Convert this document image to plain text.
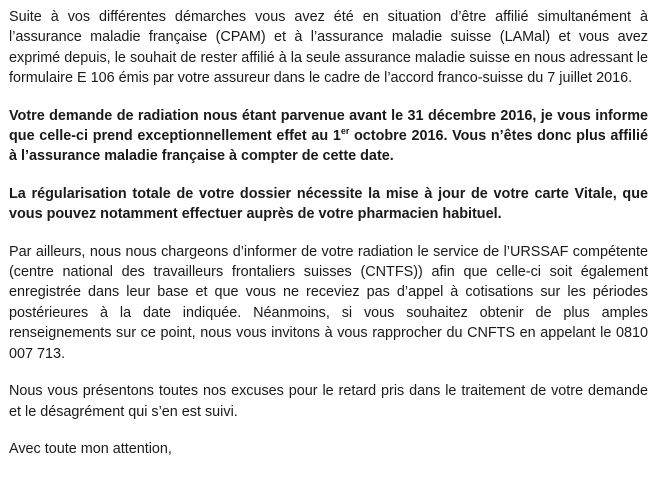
Suite à vos différentes démarches vous avez été en situation d’être affilié simultanément à l’assurance maladie française (CPAM) et à l’assurance maladie suisse (LAMal) et vous avez exprimé depuis, le souhait de rester affilié à la seule assurance maladie suisse en nous adressant le formulaire E 106 émis par votre assureur dans le cadre de l’accord franco-suisse du 7 juillet 2016.

Votre demande de radiation nous étant parvenue avant le 31 décembre 2016, je vous informe que celle-ci prend exceptionnellement effet au 1er octobre 2016. Vous n’êtes donc plus affilié à l’assurance maladie française à compter de cette date.

La régularisation totale de votre dossier nécessite la mise à jour de votre carte Vitale, que vous pouvez notamment effectuer auprès de votre pharmacien habituel.

Par ailleurs, nous nous chargeons d’informer de votre radiation le service de l’URSSAF compétente (centre national des travailleurs frontaliers suisses (CNTFS)) afin que celle-ci soit également enregistrée dans leur base et que vous ne receviez pas d’appel à cotisations sur les périodes postérieures à la date indiquée. Néanmoins, si vous souhaitez obtenir de plus amples renseignements sur ce point, nous vous invitons à vous rapprocher du CNFTS en appelant le 0810 007 713.

Nous vous présentons toutes nos excuses pour le retard pris dans le traitement de votre demande et le désagrément qui s’en est suivi.

Avec toute mon attention,
